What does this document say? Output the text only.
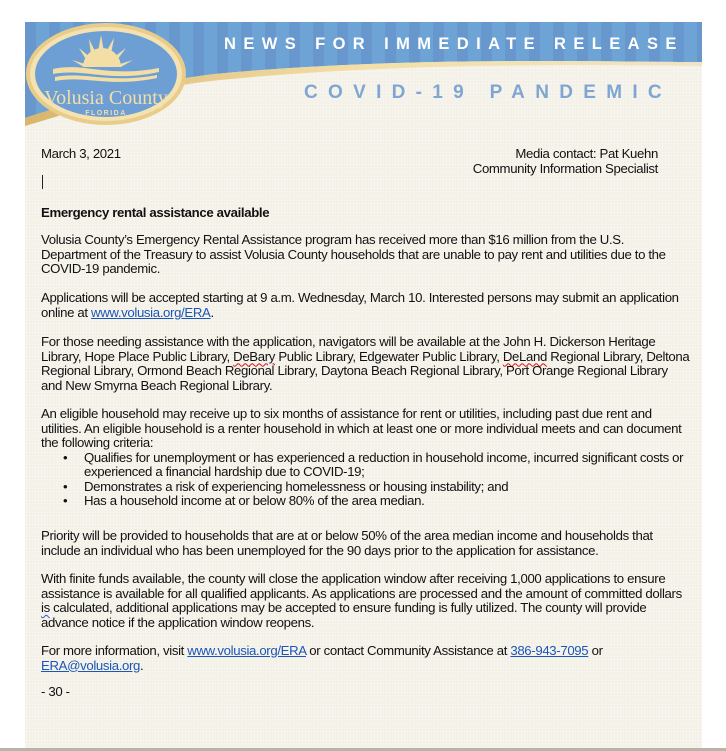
NEWS FOR IMMEDIATE RELEASE
COVID-19 PANDEMIC
Volusia County
FLORIDA
March 3, 2021	Media contact: Pat Kuehn
Community Information Specialist
Emergency rental assistance available

Volusia County’s Emergency Rental Assistance program has received more than $16 million from the U.S. Department of the Treasury to assist Volusia County households that are unable to pay rent and utilities due to the COVID-19 pandemic.

Applications will be accepted starting at 9 a.m. Wednesday, March 10. Interested persons may submit an application online at www.volusia.org/ERA.

For those needing assistance with the application, navigators will be available at the John H. Dickerson Heritage Library, Hope Place Public Library, DeBary Public Library, Edgewater Public Library, DeLand Regional Library, Deltona Regional Library, Ormond Beach Regional Library, Daytona Beach Regional Library, Port Orange Regional Library and New Smyrna Beach Regional Library.

An eligible household may receive up to six months of assistance for rent or utilities, including past due rent and utilities. An eligible household is a renter household in which at least one or more individual meets and can document the following criteria:

• Qualifies for unemployment or has experienced a reduction in household income, incurred significant costs or experienced a financial hardship due to COVID-19;
• Demonstrates a risk of experiencing homelessness or housing instability; and
• Has a household income at or below 80% of the area median.

Priority will be provided to households that are at or below 50% of the area median income and households that include an individual who has been unemployed for the 90 days prior to the application for assistance.

With finite funds available, the county will close the application window after receiving 1,000 applications to ensure assistance is available for all qualified applicants. As applications are processed and the amount of committed dollars is calculated, additional applications may be accepted to ensure funding is fully utilized. The county will provide advance notice if the application window reopens.

For more information, visit www.volusia.org/ERA or contact Community Assistance at 386-943-7095 or ERA@volusia.org.

- 30 -
